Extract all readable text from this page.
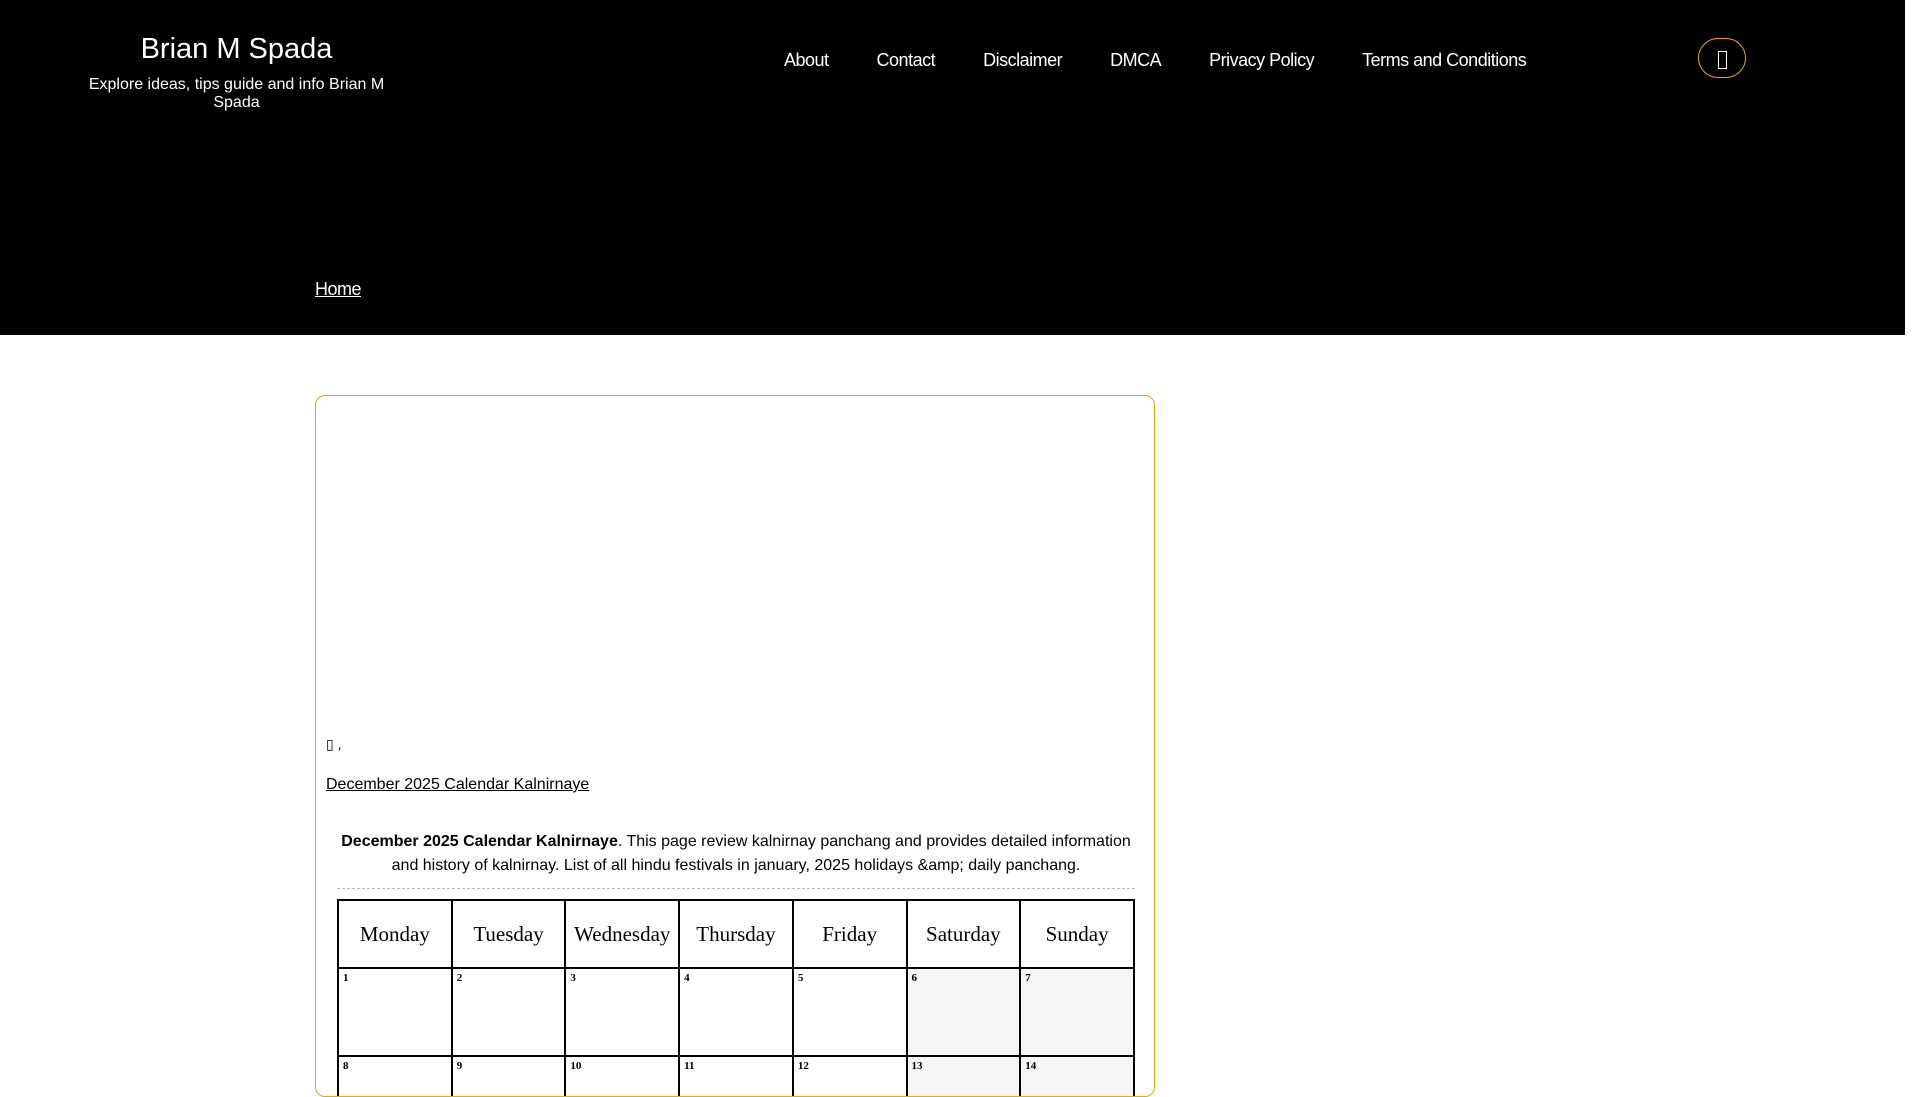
Brian M Spada
Explore ideas, tips guide and info Brian M Spada
About	Contact	Disclaimer	DMCA	Privacy Policy	Terms and Conditions
Home
▯ ,
December 2025 Calendar Kalnirnaye

December 2025 Calendar Kalnirnaye. This page review kalnirnay panchang and provides detailed information and history of kalnirnay. List of all hindu festivals in january, 2025 holidays &amp; daily panchang.

Monday	Tuesday	Wednesday	Thursday	Friday	Saturday	Sunday
1	2	3	4	5	6	7
8	9	10	11	12	13	14
